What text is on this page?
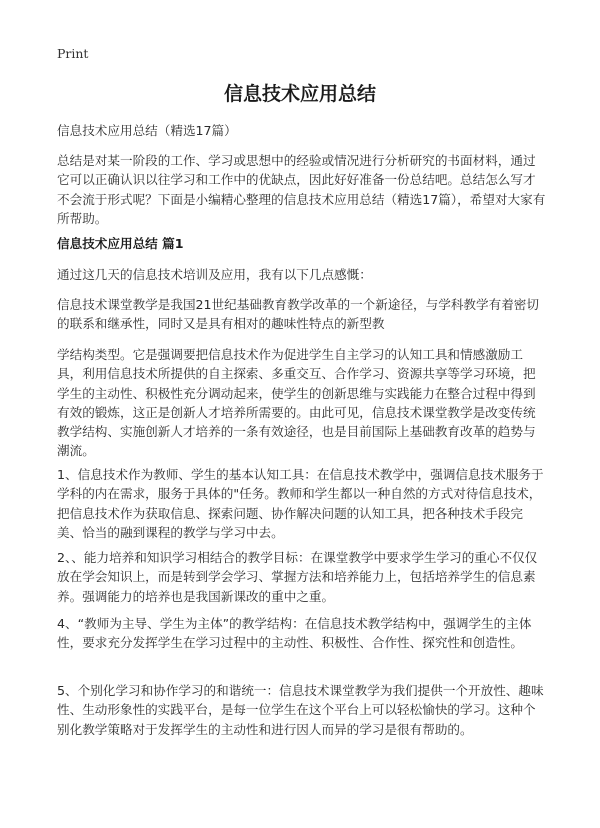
Print
信息技术应用总结

信息技术应用总结（精选17篇）

总结是对某一阶段的工作、学习或思想中的经验或情况进行分析研究的书面材料，通过它可以正确认识以往学习和工作中的优缺点，因此好好准备一份总结吧。总结怎么写才不会流于形式呢？下面是小编精心整理的信息技术应用总结（精选17篇），希望对大家有所帮助。

信息技术应用总结 篇1

通过这几天的信息技术培训及应用，我有以下几点感慨：

信息技术课堂教学是我国21世纪基础教育教学改革的一个新途径，与学科教学有着密切的联系和继承性，同时又是具有相对的趣味性特点的新型教

学结构类型。它是强调要把信息技术作为促进学生自主学习的认知工具和情感激励工具，利用信息技术所提供的自主探索、多重交互、合作学习、资源共享等学习环境，把学生的主动性、积极性充分调动起来，使学生的创新思维与实践能力在整合过程中得到有效的锻炼，这正是创新人才培养所需要的。由此可见，信息技术课堂教学是改变传统教学结构、实施创新人才培养的一条有效途径，也是目前国际上基础教育改革的趋势与潮流。

1、信息技术作为教师、学生的基本认知工具：在信息技术教学中，强调信息技术服务于学科的内在需求，服务于具体的"任务。教师和学生都以一种自然的方式对待信息技术，把信息技术作为获取信息、探索问题、协作解决问题的认知工具，把各种技术手段完美、恰当的融到课程的教学与学习中去。

2、、能力培养和知识学习相结合的教学目标：在课堂教学中要求学生学习的重心不仅仅放在学会知识上，而是转到学会学习、掌握方法和培养能力上，包括培养学生的信息素养。强调能力的培养也是我国新课改的重中之重。

4、“教师为主导、学生为主体”的教学结构：在信息技术教学结构中，强调学生的主体性，要求充分发挥学生在学习过程中的主动性、积极性、合作性、探究性和创造性。

5、个别化学习和协作学习的和谐统一：信息技术课堂教学为我们提供一个开放性、趣味性、生动形象性的实践平台，是每一位学生在这个平台上可以轻松愉快的学习。这种个别化教学策略对于发挥学生的主动性和进行因人而异的学习是很有帮助的。
